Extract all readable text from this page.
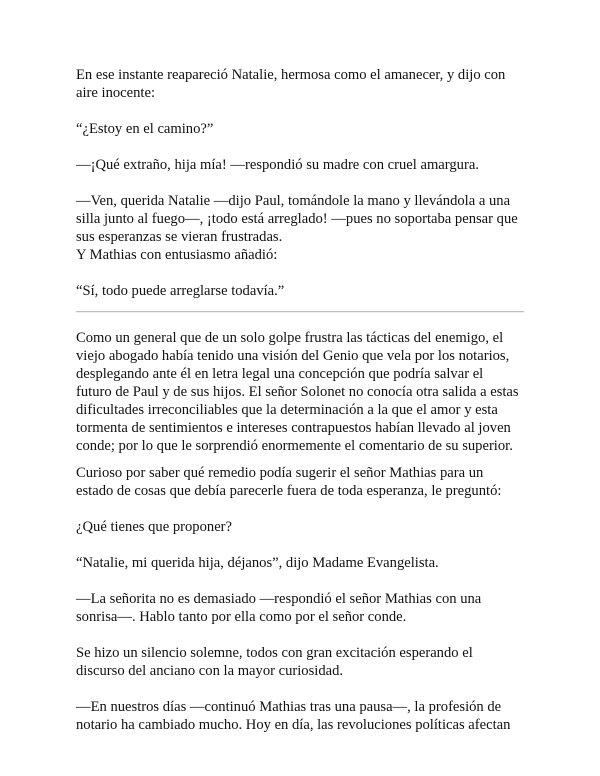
En ese instante reapareció Natalie, hermosa como el amanecer, y dijo con
aire inocente:

“¿Estoy en el camino?”

—¡Qué extraño, hija mía! —respondió su madre con cruel amargura.

—Ven, querida Natalie —dijo Paul, tomándole la mano y llevándola a una
silla junto al fuego—, ¡todo está arreglado! —pues no soportaba pensar que
sus esperanzas se vieran frustradas.

Y Mathias con entusiasmo añadió:

“Sí, todo puede arreglarse todavía.”

Como un general que de un solo golpe frustra las tácticas del enemigo, el
viejo abogado había tenido una visión del Genio que vela por los notarios,
desplegando ante él en letra legal una concepción que podría salvar el
futuro de Paul y de sus hijos. El señor Solonet no conocía otra salida a estas
dificultades irreconciliables que la determinación a la que el amor y esta
tormenta de sentimientos e intereses contrapuestos habían llevado al joven
conde; por lo que le sorprendió enormemente el comentario de su superior.

Curioso por saber qué remedio podía sugerir el señor Mathias para un
estado de cosas que debía parecerle fuera de toda esperanza, le preguntó:

¿Qué tienes que proponer?

“Natalie, mi querida hija, déjanos”, dijo Madame Evangelista.

—La señorita no es demasiado —respondió el señor Mathias con una
sonrisa—. Hablo tanto por ella como por el señor conde.

Se hizo un silencio solemne, todos con gran excitación esperando el
discurso del anciano con la mayor curiosidad.

—En nuestros días —continuó Mathias tras una pausa—, la profesión de
notario ha cambiado mucho. Hoy en día, las revoluciones políticas afectan
